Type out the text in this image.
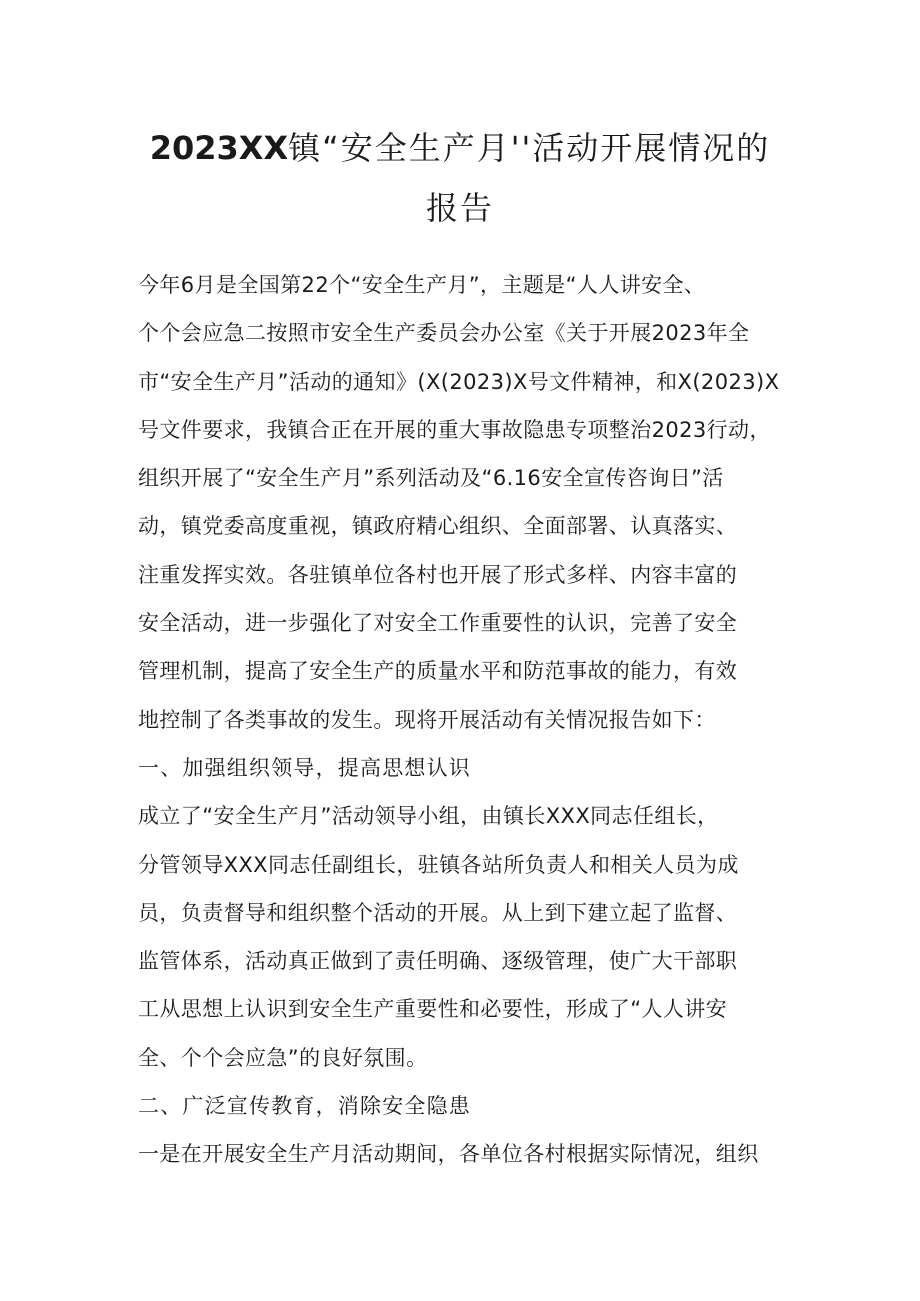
2023XX镇“安全生产月''活动开展情况的
报告
今年6月是全国第22个“安全生产月”，主题是“人人讲安全、
个个会应急二按照市安全生产委员会办公室《关于开展2023年全
市“安全生产月”活动的通知》(X(2023)X号文件精神，和X(2023)X
号文件要求，我镇合正在开展的重大事故隐患专项整治2023行动，
组织开展了“安全生产月”系列活动及“6.16安全宣传咨询日”活
动，镇党委高度重视，镇政府精心组织、全面部署、认真落实、
注重发挥实效。各驻镇单位各村也开展了形式多样、内容丰富的
安全活动，进一步强化了对安全工作重要性的认识，完善了安全
管理机制，提高了安全生产的质量水平和防范事故的能力，有效
地控制了各类事故的发生。现将开展活动有关情况报告如下：
一、加强组织领导，提高思想认识
成立了“安全生产月”活动领导小组，由镇长XXX同志任组长，
分管领导XXX同志任副组长，驻镇各站所负责人和相关人员为成
员，负责督导和组织整个活动的开展。从上到下建立起了监督、
监管体系，活动真正做到了责任明确、逐级管理，使广大干部职
工从思想上认识到安全生产重要性和必要性，形成了“人人讲安
全、个个会应急”的良好氛围。
二、广泛宣传教育，消除安全隐患
一是在开展安全生产月活动期间，各单位各村根据实际情况，组织
